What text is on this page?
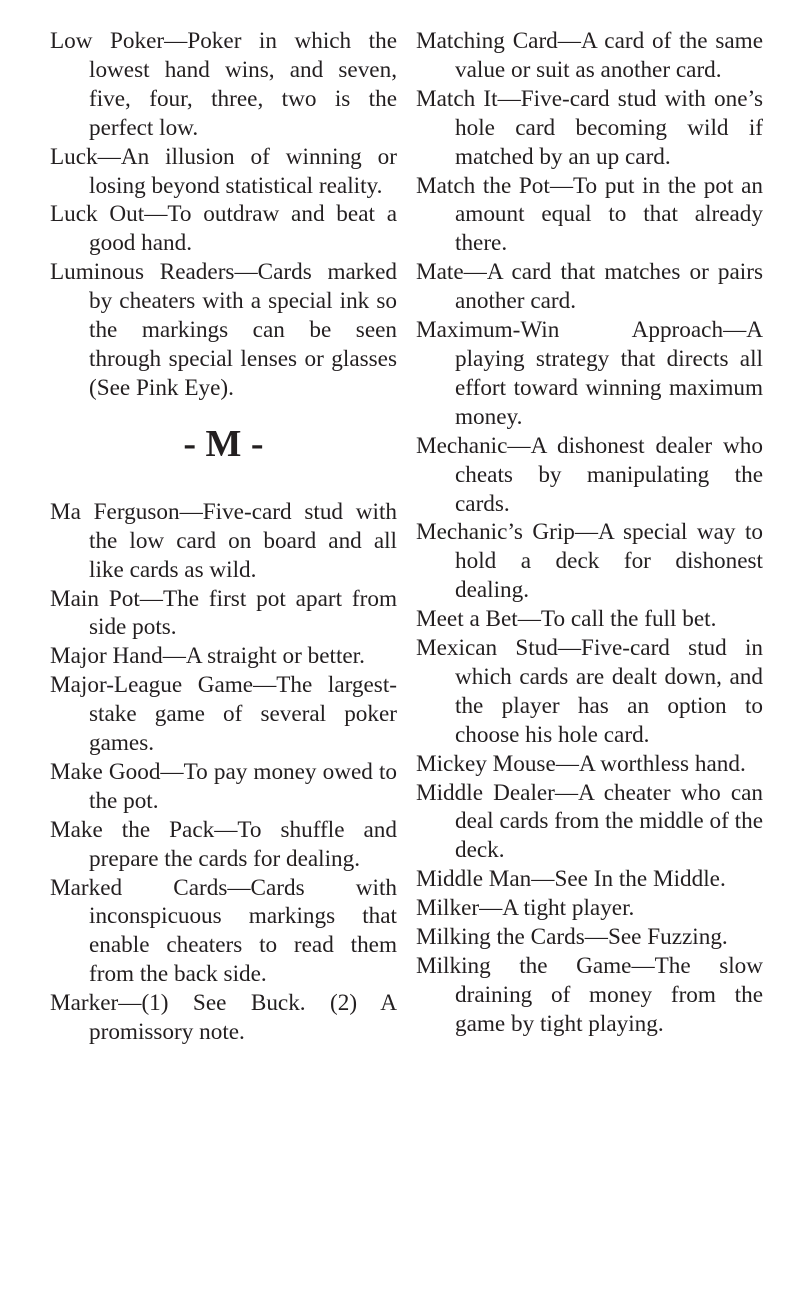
Low Poker—Poker in which the lowest hand wins, and seven, five, four, three, two is the perfect low.

Luck—An illusion of winning or losing beyond statistical reality.

Luck Out—To outdraw and beat a good hand.

Luminous Readers—Cards marked by cheaters with a special ink so the markings can be seen through special lenses or glasses (See Pink Eye).

- M -

Ma Ferguson—Five-card stud with the low card on board and all like cards as wild.

Main Pot—The first pot apart from side pots.

Major Hand—A straight or better.

Major-League Game—The largest-stake game of several poker games.

Make Good—To pay money owed to the pot.

Make the Pack—To shuffle and prepare the cards for dealing.

Marked Cards—Cards with inconspicuous markings that enable cheaters to read them from the back side.

Marker—(1) See Buck. (2) A promissory note.

Matching Card—A card of the same value or suit as another card.

Match It—Five-card stud with one’s hole card becoming wild if matched by an up card.

Match the Pot—To put in the pot an amount equal to that already there.

Mate—A card that matches or pairs another card.

Maximum-Win Approach—A playing strategy that directs all effort toward winning maximum money.

Mechanic—A dishonest dealer who cheats by manipulating the cards.

Mechanic’s Grip—A special way to hold a deck for dishonest dealing.

Meet a Bet—To call the full bet.

Mexican Stud—Five-card stud in which cards are dealt down, and the player has an option to choose his hole card.

Mickey Mouse—A worthless hand.

Middle Dealer—A cheater who can deal cards from the middle of the deck.

Middle Man—See In the Middle.

Milker—A tight player.

Milking the Cards—See Fuzzing.

Milking the Game—The slow draining of money from the game by tight playing.
